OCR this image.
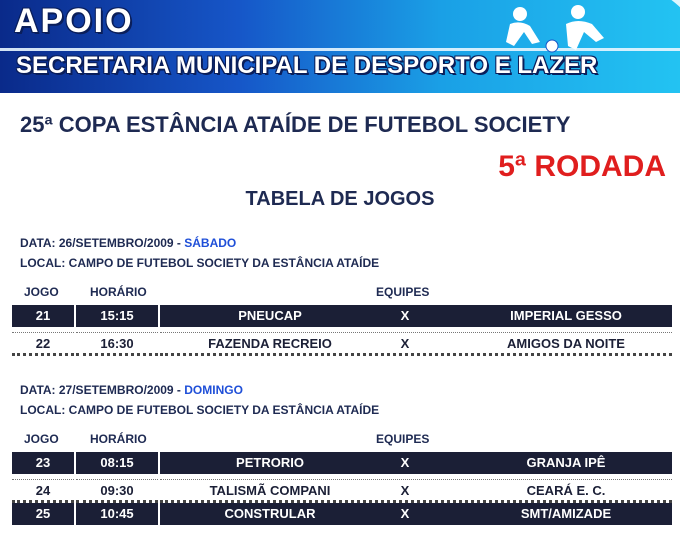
APOIO
SECRETARIA MUNICIPAL DE DESPORTO E LAZER
25ª COPA ESTÂNCIA ATAÍDE DE FUTEBOL SOCIETY
5ª RODADA
TABELA DE JOGOS
DATA: 26/SETEMBRO/2009 - SÁBADO
LOCAL: CAMPO DE FUTEBOL SOCIETY DA ESTÂNCIA ATAÍDE
JOGO	HORÁRIO	EQUIPES
21	15:15	PNEUCAP	X	IMPERIAL GESSO
22	16:30	FAZENDA RECREIO	X	AMIGOS DA NOITE
DATA: 27/SETEMBRO/2009 - DOMINGO
LOCAL: CAMPO DE FUTEBOL SOCIETY DA ESTÂNCIA ATAÍDE
JOGO	HORÁRIO	EQUIPES
23	08:15	PETRORIO	X	GRANJA IPÊ
24	09:30	TALISMÃ COMPANI	X	CEARÁ E. C.
25	10:45	CONSTRULAR	X	SMT/AMIZADE
